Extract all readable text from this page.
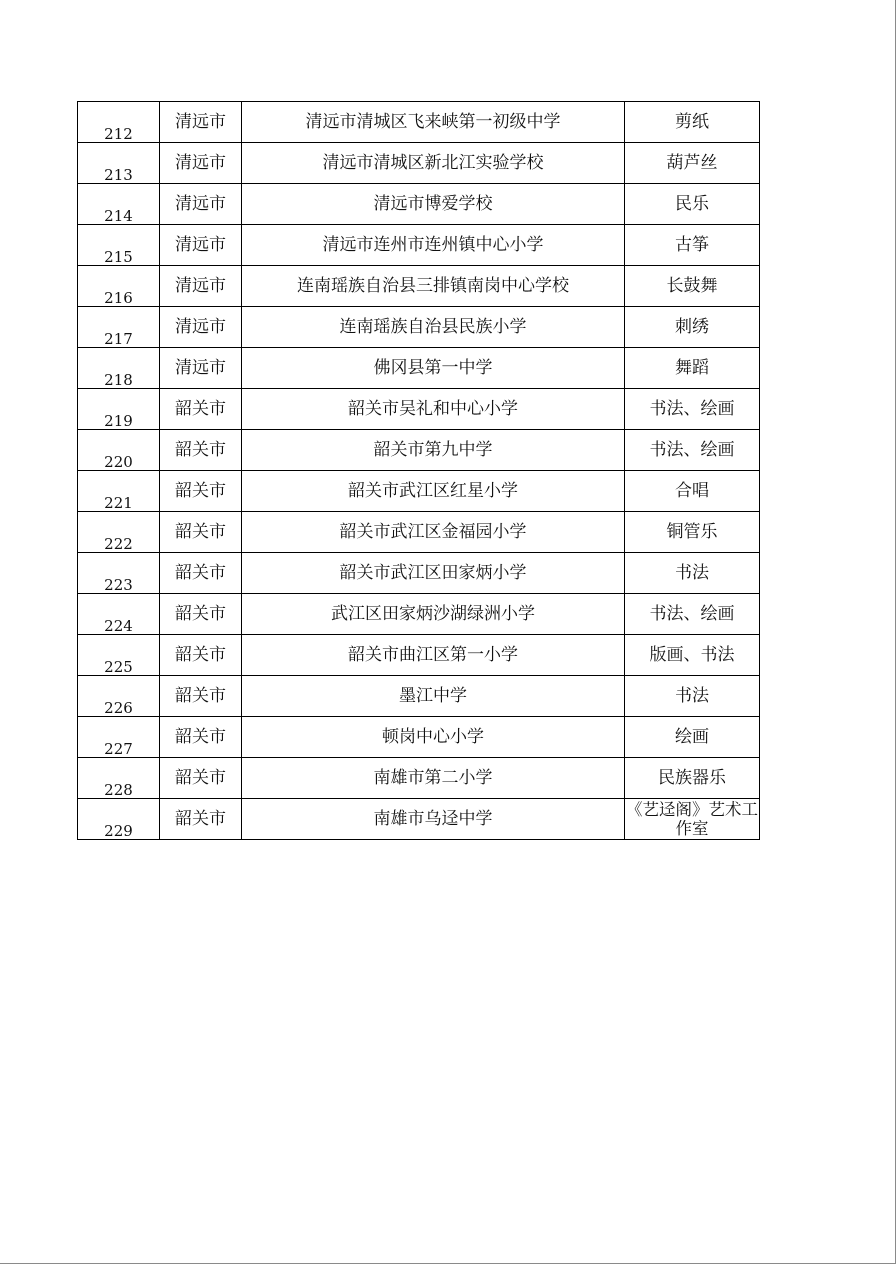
212	清远市	清远市清城区飞来峡第一初级中学	剪纸

213	清远市	清远市清城区新北江实验学校	葫芦丝

214	清远市	清远市博爱学校	民乐

215	清远市	清远市连州市连州镇中心小学	古筝

216	清远市	连南瑶族自治县三排镇南岗中心学校	长鼓舞

217	清远市	连南瑶族自治县民族小学	刺绣

218	清远市	佛冈县第一中学	舞蹈

219	韶关市	韶关市吴礼和中心小学	书法、绘画

220	韶关市	韶关市第九中学	书法、绘画

221	韶关市	韶关市武江区红星小学	合唱

222	韶关市	韶关市武江区金福园小学	铜管乐

223	韶关市	韶关市武江区田家炳小学	书法

224	韶关市	武江区田家炳沙湖绿洲小学	书法、绘画

225	韶关市	韶关市曲江区第一小学	版画、书法

226	韶关市	墨江中学	书法

227	韶关市	顿岗中心小学	绘画

228	韶关市	南雄市第二小学	民族器乐

229	韶关市	南雄市乌迳中学	《艺迳阁》艺术工作室
